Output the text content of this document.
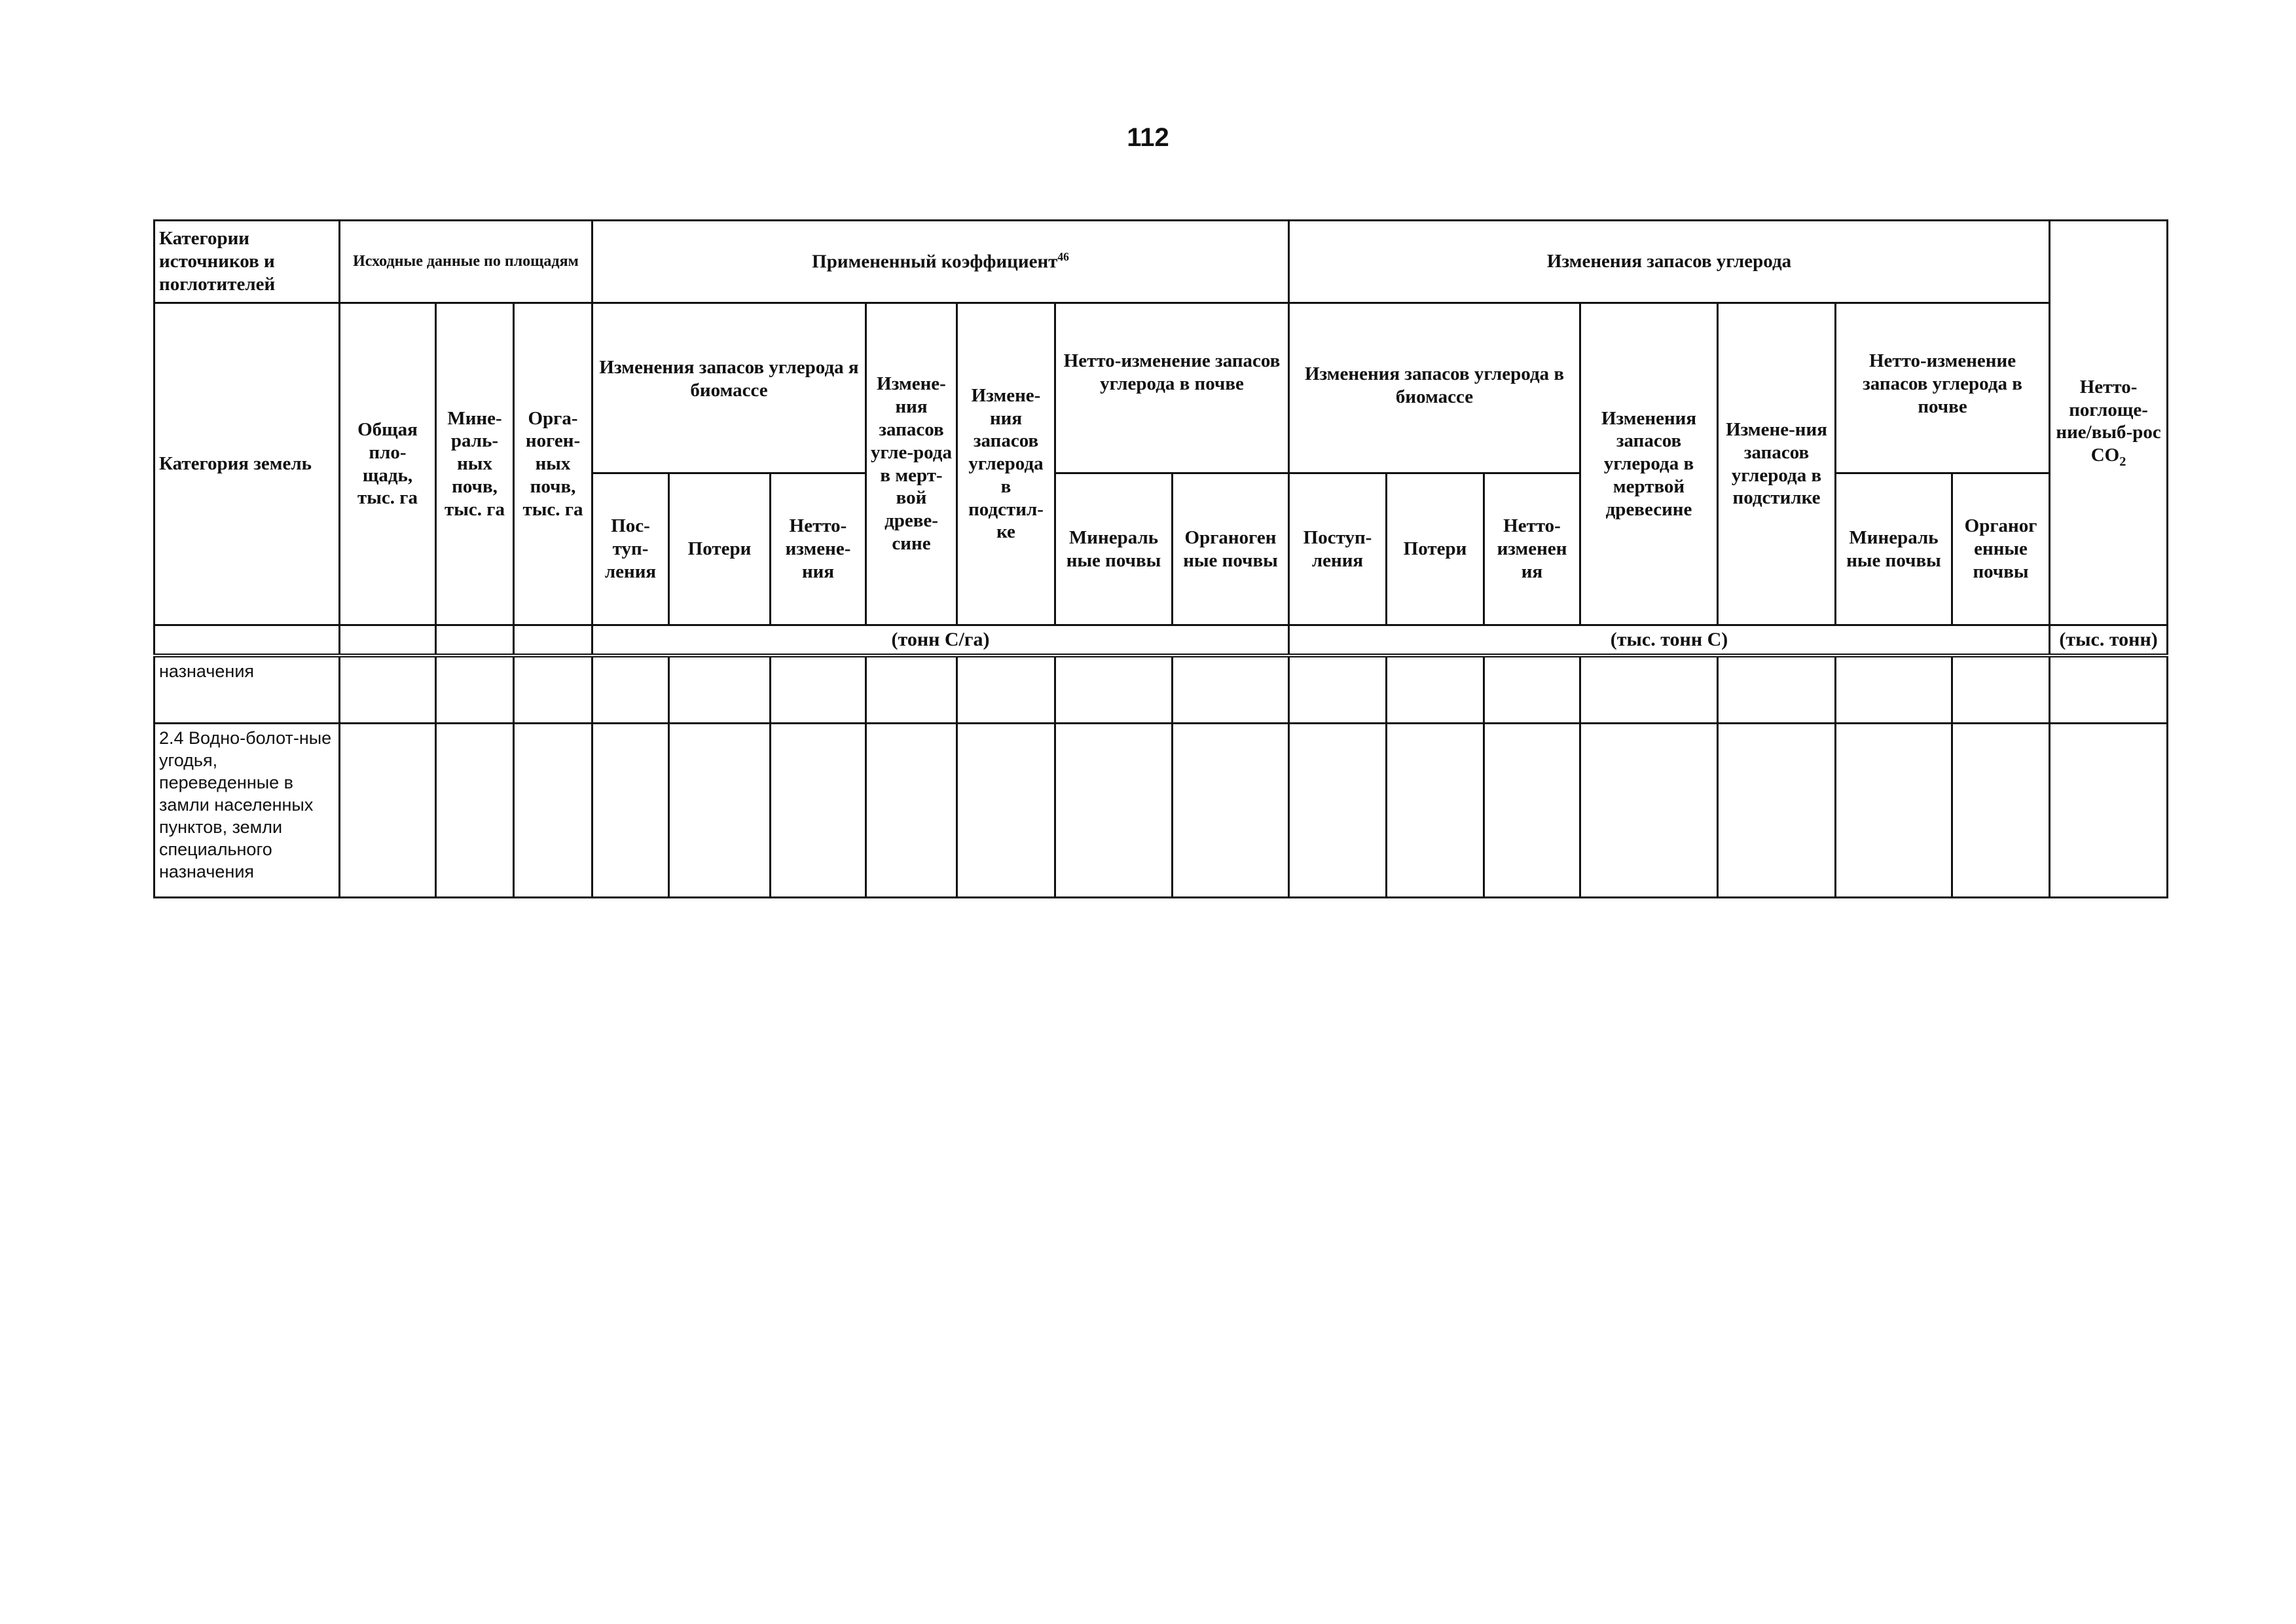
112
Категории источников и поглотителей	Исходные данные по площадям			Примененный коэффициент$^{46}$							Изменения запасов углерода							Нетто-поглоще-ние/выб-рос $CO_2$
Категория земель	Общая пло-щадь, тыс. га	Мине-раль-ных почв, тыс. га	Орга-ноген-ных почв, тыс. га	Изменения запасов углерода я биомассе			Измене-ния запасов угле-рода в мерт-вой древе-сине	Измене-ния запасов углерода в подстил-ке	Нетто-изменение запасов углерода в почве		Изменения запасов углерода в биомассе			Изменения запасов углерода в мертвой древесине	Измене-ния запасов углерода в подстилке	Нетто-изменение запасов углерода в почве		
				Пос-туп-ления	Потери	Нетто-измене-ния			Минераль ные почвы	Органоген ные почвы	Поступ-ления	Потери	Нетто-изменен ия			Минераль ные почвы	Органог енные почвы	
				(тонн С/га)							(тыс. тонн С)							(тыс. тонн)
назначения																		
2.4 Водно-болот-ные угодья, переведенные в замли населенных пунктов, земли специального назначения																		
